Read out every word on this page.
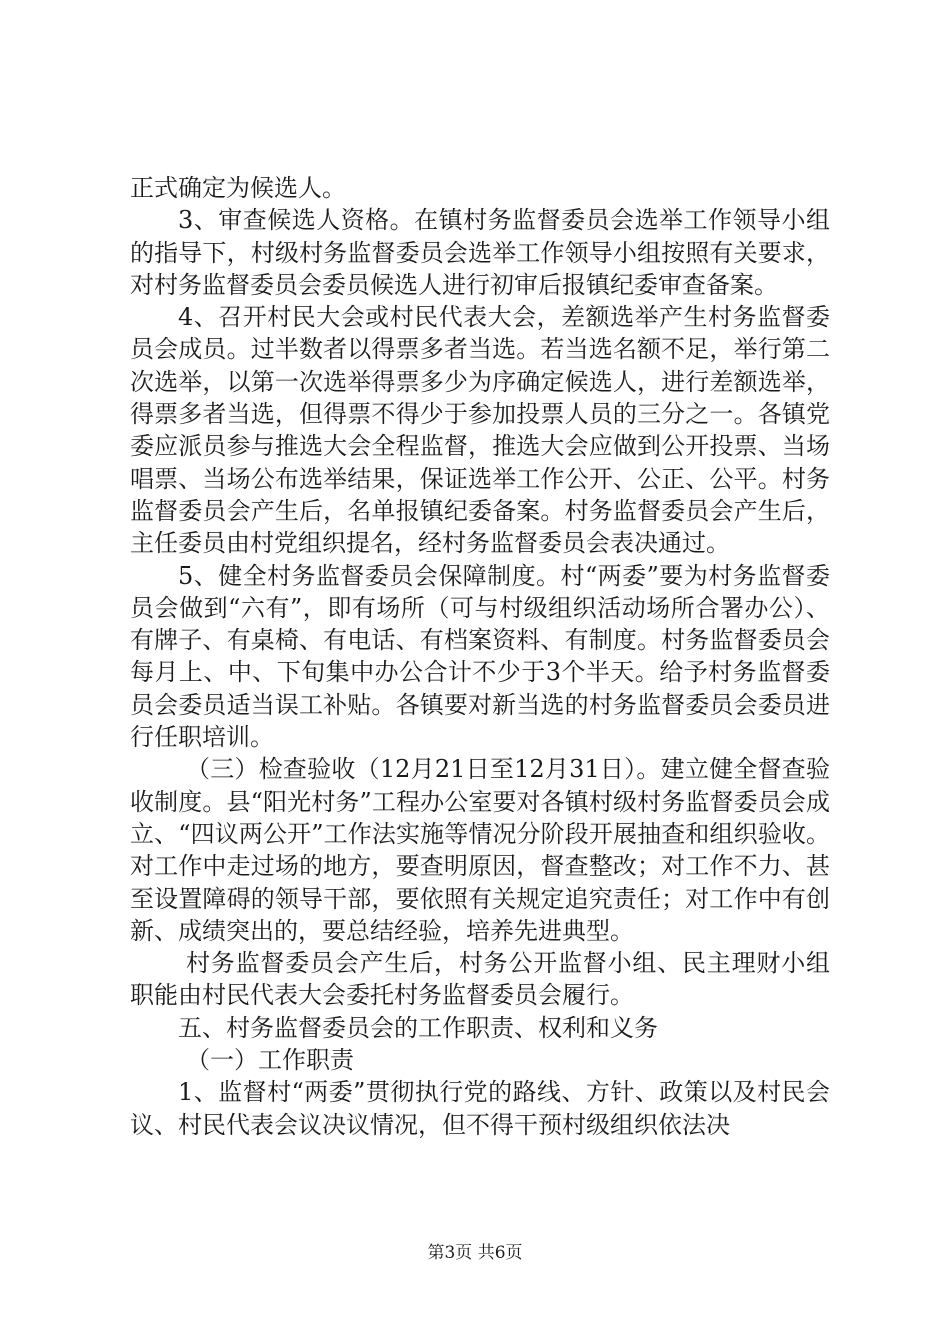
正式确定为候选人。

3、审查候选人资格。在镇村务监督委员会选举工作领导小组的指导下，村级村务监督委员会选举工作领导小组按照有关要求，对村务监督委员会委员候选人进行初审后报镇纪委审查备案。

4、召开村民大会或村民代表大会，差额选举产生村务监督委员会成员。过半数者以得票多者当选。若当选名额不足，举行第二次选举，以第一次选举得票多少为序确定候选人，进行差额选举，得票多者当选，但得票不得少于参加投票人员的三分之一。各镇党委应派员参与推选大会全程监督，推选大会应做到公开投票、当场唱票、当场公布选举结果，保证选举工作公开、公正、公平。村务监督委员会产生后，名单报镇纪委备案。村务监督委员会产生后，主任委员由村党组织提名，经村务监督委员会表决通过。

5、健全村务监督委员会保障制度。村“两委”要为村务监督委员会做到“六有”，即有场所（可与村级组织活动场所合署办公）、有牌子、有桌椅、有电话、有档案资料、有制度。村务监督委员会每月上、中、下旬集中办公合计不少于3个半天。给予村务监督委员会委员适当误工补贴。各镇要对新当选的村务监督委员会委员进行任职培训。

（三）检查验收（12月21日至12月31日）。建立健全督查验收制度。县“阳光村务”工程办公室要对各镇村级村务监督委员会成立、“四议两公开”工作法实施等情况分阶段开展抽查和组织验收。对工作中走过场的地方，要查明原因，督查整改；对工作不力、甚至设置障碍的领导干部，要依照有关规定追究责任；对工作中有创新、成绩突出的，要总结经验，培养先进典型。

村务监督委员会产生后，村务公开监督小组、民主理财小组职能由村民代表大会委托村务监督委员会履行。

五、村务监督委员会的工作职责、权利和义务

（一）工作职责

1、监督村“两委”贯彻执行党的路线、方针、政策以及村民会议、村民代表会议决议情况，但不得干预村级组织依法决

第3页 共6页
